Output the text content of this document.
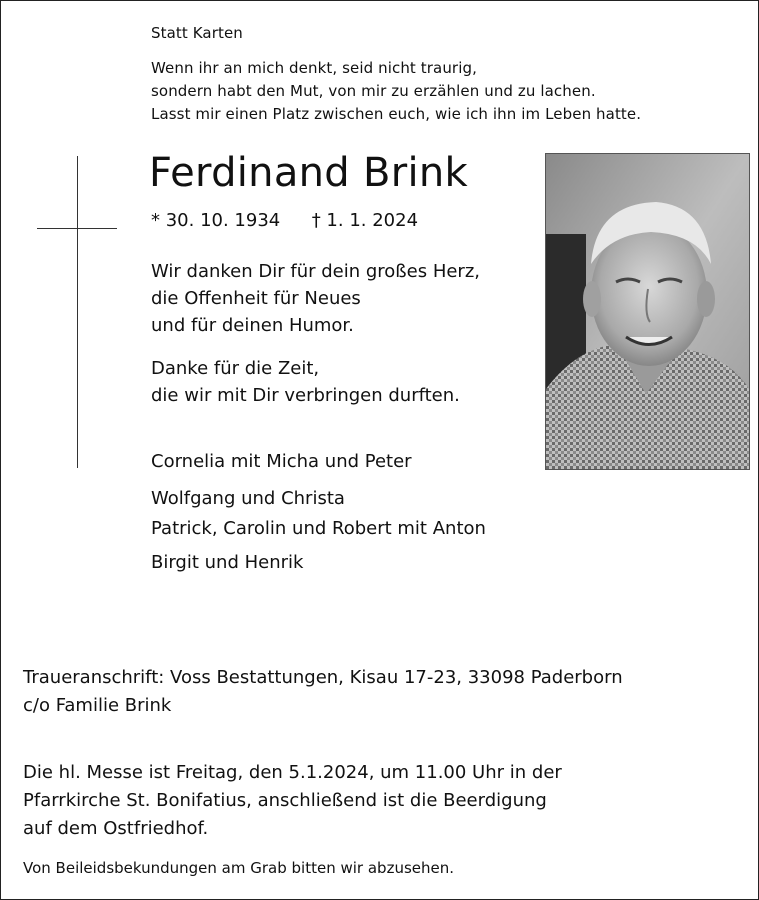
Statt Karten
Wenn ihr an mich denkt, seid nicht traurig,
sondern habt den Mut, von mir zu erzählen und zu lachen.
Lasst mir einen Platz zwischen euch, wie ich ihn im Leben hatte.
Ferdinand Brink
* 30. 10. 1934 † 1. 1. 2024
Wir danken Dir für dein großes Herz,
die Offenheit für Neues
und für deinen Humor.
Danke für die Zeit,
die wir mit Dir verbringen durften.
Cornelia mit Micha und Peter
Wolfgang und Christa
Patrick, Carolin und Robert mit Anton
Birgit und Henrik
Traueranschrift: Voss Bestattungen, Kisau 17-23, 33098 Paderborn
c/o Familie Brink
Die hl. Messe ist Freitag, den 5.1.2024, um 11.00 Uhr in der
Pfarrkirche St. Bonifatius, anschließend ist die Beerdigung
auf dem Ostfriedhof.
Von Beileidsbekundungen am Grab bitten wir abzusehen.
